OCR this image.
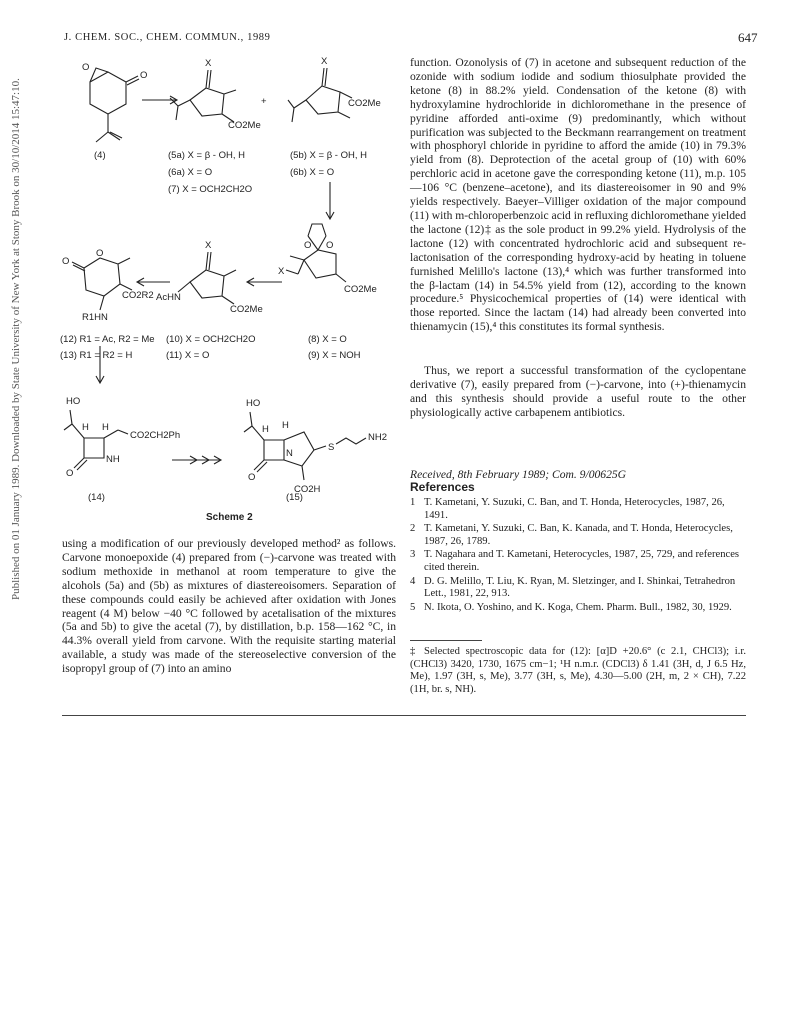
J. CHEM. SOC., CHEM. COMMUN., 1989	647
Published on 01 January 1989. Downloaded by State University of New York at Stony Brook on 30/10/2014 15:47:10.
O
O
X
CO2Me
+
X
CO2Me
O O
X
CO2Me
X
AcHN
CO2Me
O
O
CO2R2
R1HN
HO
H H
CO2CH2Ph
NH
O
HO
H H
N
O
S
NH2
CO2H
(4)	(5a) X = β - OH, H
(6a) X = O
(7) X = OCH2CH2O
(5b) X = β - OH, H
(6b) X = O
(8) X = O
(9) X = NOH
(10) X = OCH2CH2O
(11) X = O
(12) R1 = Ac, R2 = Me
(13) R1 = R2 = H
(14)	(15)
Scheme 2
using a modification of our previously developed method² as follows. Carvone monoepoxide (4) prepared from (−)-carvone was treated with sodium methoxide in methanol at room temperature to give the alcohols (5a) and (5b) as mixtures of diastereoisomers. Separation of these compounds could easily be achieved after oxidation with Jones reagent (4 M) below −40 °C followed by acetalisation of the mixtures (5a and 5b) to give the acetal (7), by distillation, b.p. 158—162 °C, in 44.3% overall yield from carvone. With the requisite starting material available, a study was made of the stereoselective conversion of the isopropyl group of (7) into an amino
function. Ozonolysis of (7) in acetone and subsequent reduction of the ozonide with sodium iodide and sodium thiosulphate provided the ketone (8) in 88.2% yield. Condensation of the ketone (8) with hydroxylamine hydrochloride in dichloromethane in the presence of pyridine afforded anti-oxime (9) predominantly, which without purification was subjected to the Beckmann rearrangement on treatment with phosphoryl chloride in pyridine to afford the amide (10) in 79.3% yield from (8). Deprotection of the acetal group of (10) with 60% perchloric acid in acetone gave the corresponding ketone (11), m.p. 105—106 °C (benzene–acetone), and its diastereoisomer in 90 and 9% yields respectively. Baeyer–Villiger oxidation of the major compound (11) with m-chloroperbenzoic acid in refluxing dichloromethane yielded the lactone (12)‡ as the sole product in 99.2% yield. Hydrolysis of the lactone (12) with concentrated hydrochloric acid and subsequent re-lactonisation of the corresponding hydroxy-acid by heating in toluene furnished Melillo's lactone (13),⁴ which was further transformed into the β-lactam (14) in 54.5% yield from (12), according to the known procedure.⁵ Physicochemical properties of (14) were identical with those reported. Since the lactam (14) had already been converted into thienamycin (15),⁴ this constitutes its formal synthesis.
Thus, we report a successful transformation of the cyclopentane derivative (7), easily prepared from (−)-carvone, into (+)-thienamycin and this synthesis should provide a useful route to the other physiologically active carbapenem antibiotics.
Received, 8th February 1989; Com. 9/00625G
References
1 T. Kametani, Y. Suzuki, C. Ban, and T. Honda, Heterocycles, 1987, 26, 1491.
2 T. Kametani, Y. Suzuki, C. Ban, K. Kanada, and T. Honda, Heterocycles, 1987, 26, 1789.
3 T. Nagahara and T. Kametani, Heterocycles, 1987, 25, 729, and references cited therein.
4 D. G. Melillo, T. Liu, K. Ryan, M. Sletzinger, and I. Shinkai, Tetrahedron Lett., 1981, 22, 913.
5 N. Ikota, O. Yoshino, and K. Koga, Chem. Pharm. Bull., 1982, 30, 1929.
‡ Selected spectroscopic data for (12): [α]D +20.6° (c 2.1, CHCl3); i.r. (CHCl3) 3420, 1730, 1675 cm−1; ¹H n.m.r. (CDCl3) δ 1.41 (3H, d, J 6.5 Hz, Me), 1.97 (3H, s, Me), 3.77 (3H, s, Me), 4.30—5.00 (2H, m, 2 × CH), 7.22 (1H, br. s, NH).
